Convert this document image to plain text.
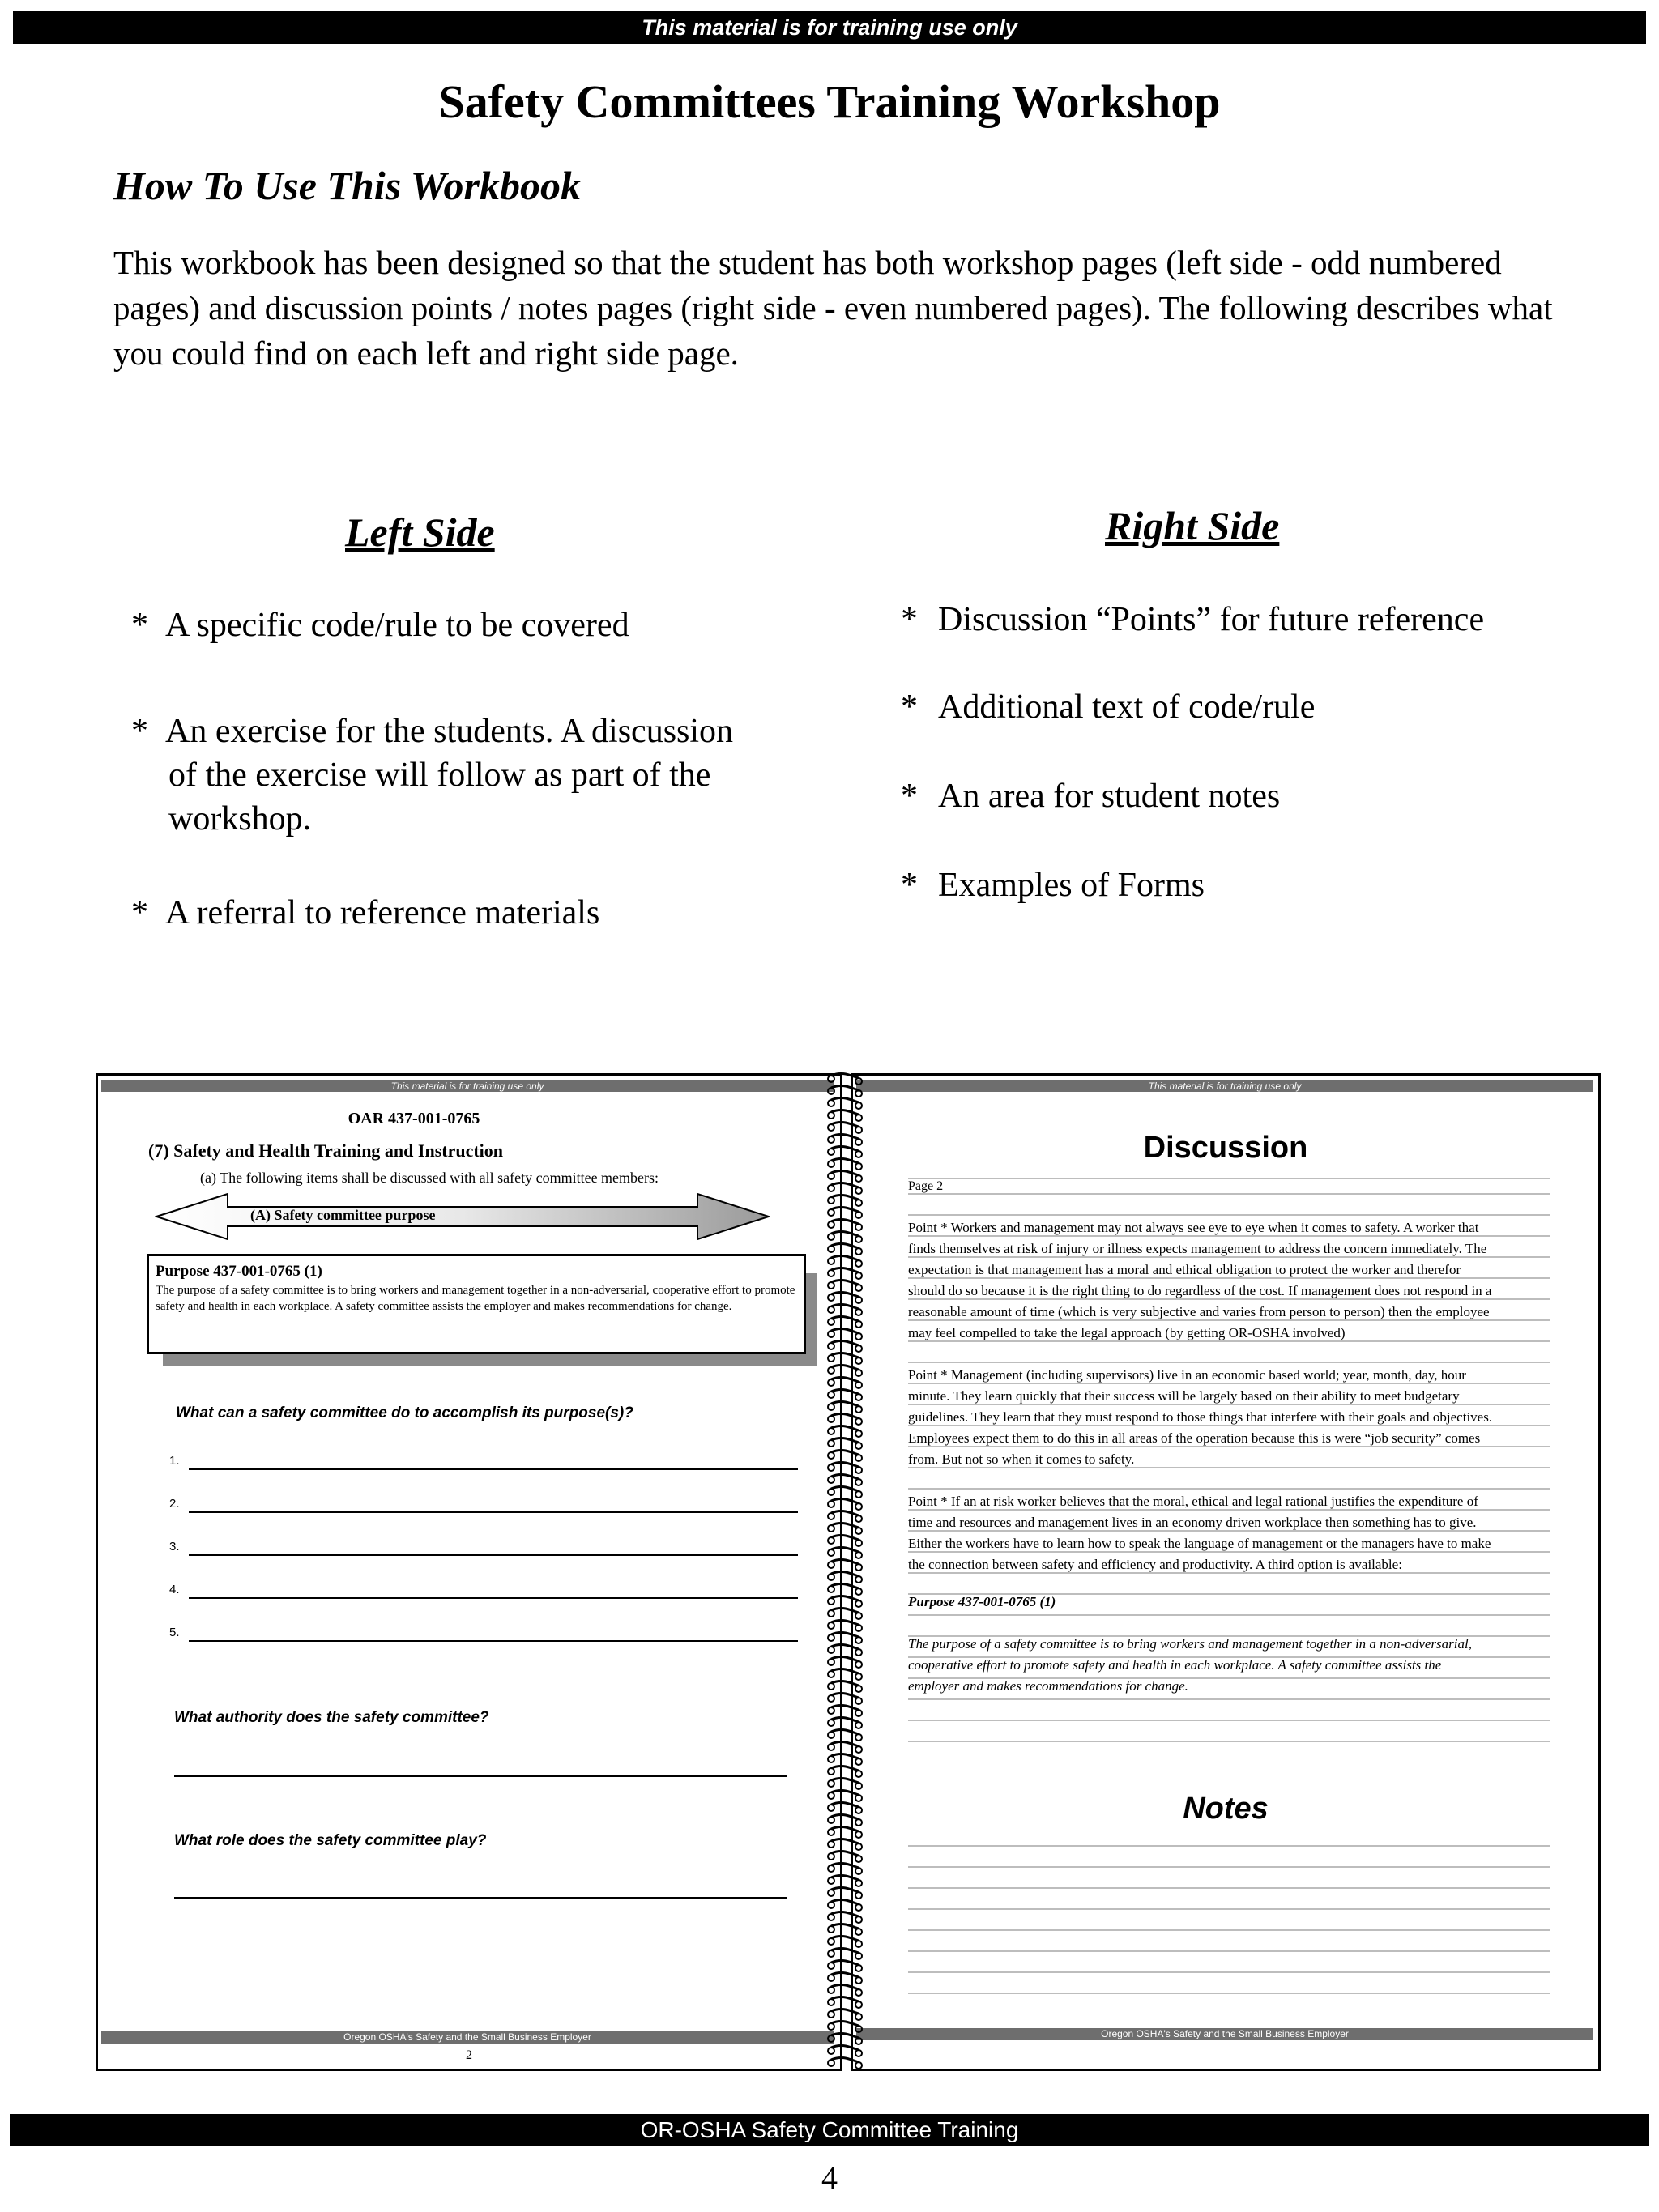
This material is for training use only
Safety Committees Training Workshop
How To Use This Workbook
This workbook has been designed so that the student has both workshop pages (left side - odd numbered pages) and discussion points / notes pages (right side - even numbered pages). The following describes what you could find on each left and right side page.
Left Side
* A specific code/rule to be covered
* An exercise for the students. A discussion
of the exercise will follow as part of the
workshop.
* A referral to reference materials
Right Side
* Discussion “Points” for future reference
* Additional text of code/rule
* An area for student notes
* Examples of Forms
This material is for training use only
OAR 437-001-0765
(7) Safety and Health Training and Instruction
(a) The following items shall be discussed with all safety committee members:
(A) Safety committee purpose
Purpose 437-001-0765 (1)
The purpose of a safety committee is to bring workers and management together in a non-adversarial, cooperative effort to promote safety and health in each workplace. A safety committee assists the employer and makes recommendations for change.
What can a safety committee do to accomplish its purpose(s)?
1.
2.
3.
4.
5.
What authority does the safety committee?
What role does the safety committee play?
Oregon OSHA's Safety and the Small Business Employer
2
This material is for training use only
Discussion
Page 2
Point * Workers and management may not always see eye to eye when it comes to safety. A worker that
finds themselves at risk of injury or illness expects management to address the concern immediately. The
expectation is that management has a moral and ethical obligation to protect the worker and therefor
should do so because it is the right thing to do regardless of the cost. If management does not respond in a
reasonable amount of time (which is very subjective and varies from person to person) then the employee
may feel compelled to take the legal approach (by getting OR-OSHA involved)
Point * Management (including supervisors) live in an economic based world; year, month, day, hour
minute. They learn quickly that their success will be largely based on their ability to meet budgetary
guidelines. They learn that they must respond to those things that interfere with their goals and objectives.
Employees expect them to do this in all areas of the operation because this is were “job security” comes
from. But not so when it comes to safety.
Point * If an at risk worker believes that the moral, ethical and legal rational justifies the expenditure of
time and resources and management lives in an economy driven workplace then something has to give.
Either the workers have to learn how to speak the language of management or the managers have to make
the connection between safety and efficiency and productivity. A third option is available:
Purpose 437-001-0765 (1)
The purpose of a safety committee is to bring workers and management together in a non-adversarial,
cooperative effort to promote safety and health in each workplace. A safety committee assists the
employer and makes recommendations for change.
Notes
Oregon OSHA's Safety and the Small Business Employer
OR-OSHA Safety Committee Training
4
